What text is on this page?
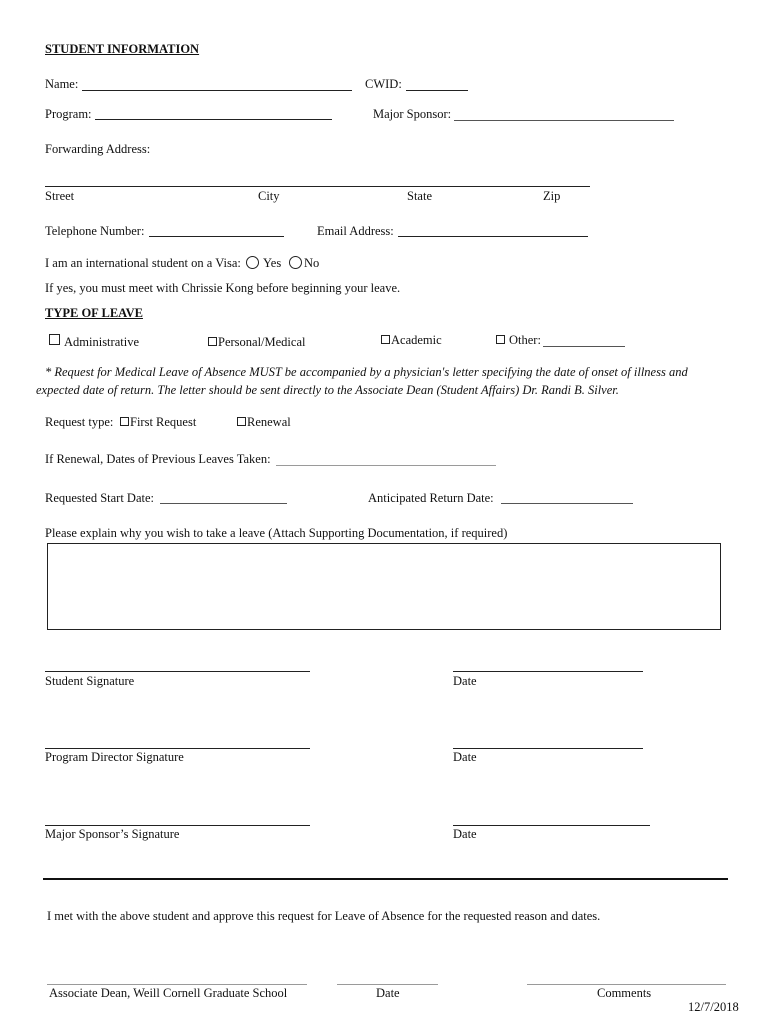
STUDENT INFORMATION
Name:	CWID:
Program:	Major Sponsor:
Forwarding Address:
Street	City	State	Zip
Telephone Number:	Email Address:
I am an international student on a Visa: Yes No
If yes, you must meet with Chrissie Kong before beginning your leave.
TYPE OF LEAVE
Administrative	Personal/Medical	Academic	Other:
* Request for Medical Leave of Absence MUST be accompanied by a physician's letter specifying the date of onset of illness and
expected date of return. The letter should be sent directly to the Associate Dean (Student Affairs) Dr. Randi B. Silver.
Request type: First Request	Renewal
If Renewal, Dates of Previous Leaves Taken:
Requested Start Date:	Anticipated Return Date:
Please explain why you wish to take a leave (Attach Supporting Documentation, if required)
Student Signature	Date
Program Director Signature	Date
Major Sponsor’s Signature	Date
I met with the above student and approve this request for Leave of Absence for the requested reason and dates.
Associate Dean, Weill Cornell Graduate School	Date	Comments
12/7/2018
